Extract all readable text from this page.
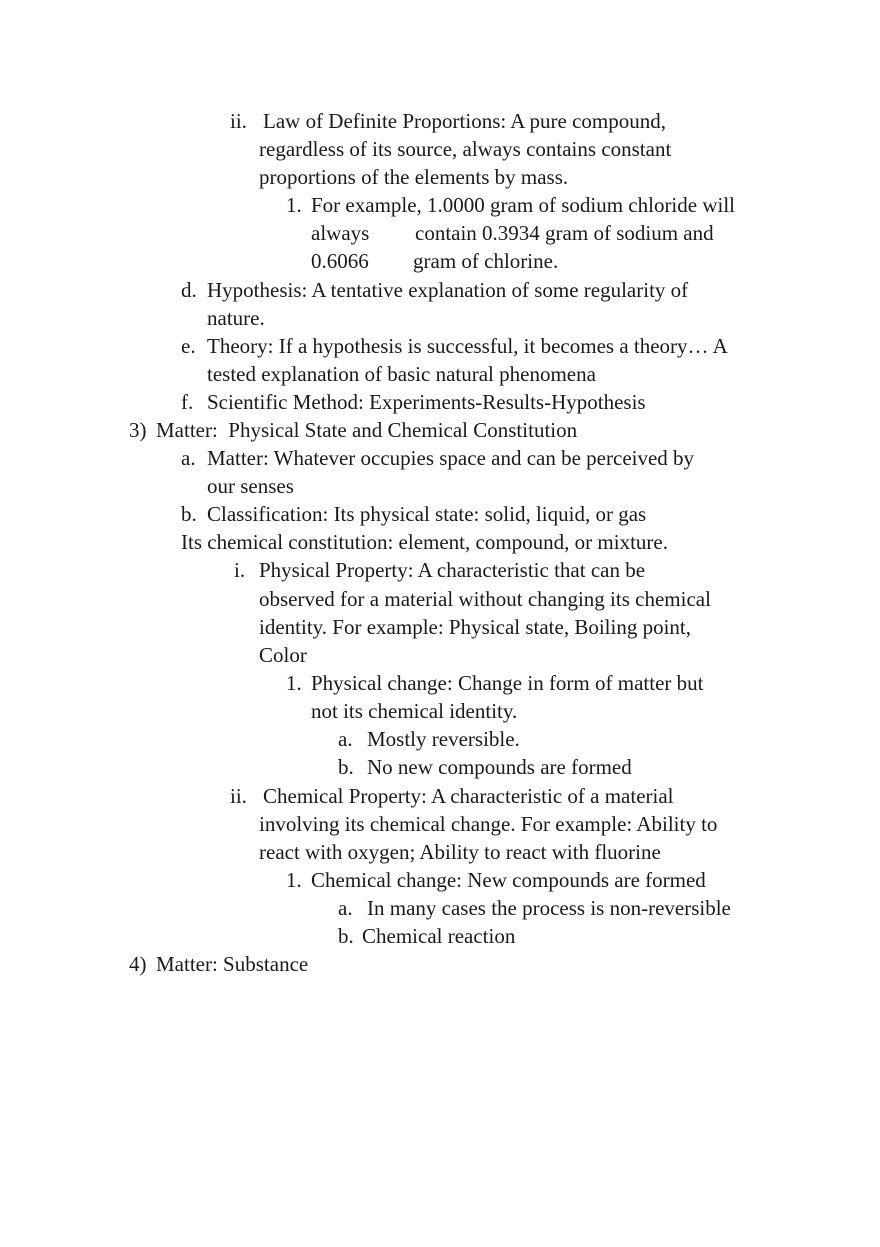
ii. Law of Definite Proportions: A pure compound,
regardless of its source, always contains constant
proportions of the elements by mass.
1. For example, 1.0000 gram of sodium chloride will
always contain 0.3934 gram of sodium and
0.6066 gram of chlorine.
d. Hypothesis: A tentative explanation of some regularity of
nature.
e. Theory: If a hypothesis is successful, it becomes a theory… A
tested explanation of basic natural phenomena
f. Scientific Method: Experiments-Results-Hypothesis
3) Matter:  Physical State and Chemical Constitution
a. Matter: Whatever occupies space and can be perceived by
our senses
b. Classification: Its physical state: solid, liquid, or gas
Its chemical constitution: element, compound, or mixture.
i. Physical Property: A characteristic that can be
observed for a material without changing its chemical
identity. For example: Physical state, Boiling point,
Color
1. Physical change: Change in form of matter but
not its chemical identity.
a. Mostly reversible.
b. No new compounds are formed
ii. Chemical Property: A characteristic of a material
involving its chemical change. For example: Ability to
react with oxygen; Ability to react with fluorine
1. Chemical change: New compounds are formed
a. In many cases the process is non-reversible
b. Chemical reaction
4) Matter: Substance
